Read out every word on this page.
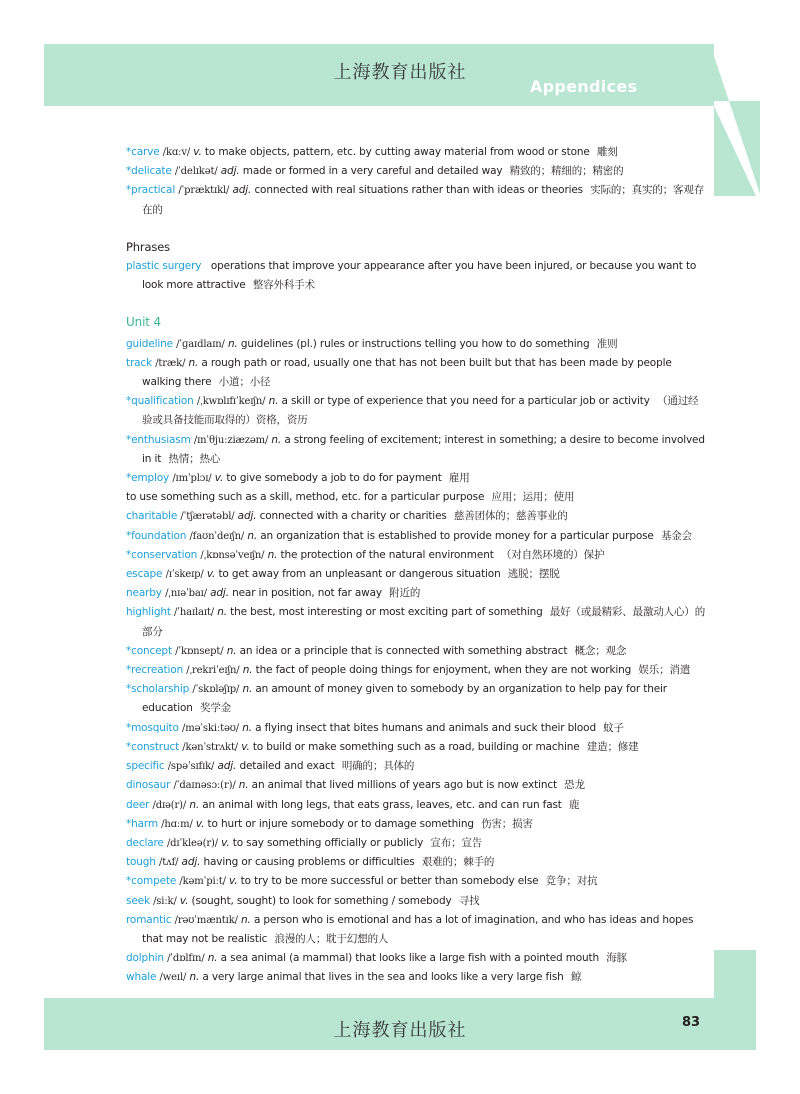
上海教育出版社
Appendices

*carve /kɑːv/ v. to make objects, pattern, etc. by cutting away material from wood or stone 雕刻

*delicate /ˈdelɪkət/ adj. made or formed in a very careful and detailed way 精致的；精细的；精密的

*practical /ˈpræktɪkl/ adj. connected with real situations rather than with ideas or theories 实际的；真实的；客观存在的

Phrases

plastic surgery operations that improve your appearance after you have been injured, or because you want to look more attractive 整容外科手术

Unit 4

guideline /ˈɡaɪdlaɪn/ n. guidelines (pl.) rules or instructions telling you how to do something 准则

track /træk/ n. a rough path or road, usually one that has not been built but that has been made by people walking there 小道；小径

*qualification /ˌkwɒlɪfɪˈkeɪʃn/ n. a skill or type of experience that you need for a particular job or activity （通过经验或具备技能而取得的）资格，资历

*enthusiasm /ɪnˈθjuːziæzəm/ n. a strong feeling of excitement; interest in something; a desire to become involved in it 热情；热心

*employ /ɪmˈplɔɪ/ v. to give somebody a job to do for payment 雇用

to use something such as a skill, method, etc. for a particular purpose 应用；运用；使用

charitable /ˈtʃærətəbl/ adj. connected with a charity or charities 慈善团体的；慈善事业的

*foundation /faʊnˈdeɪʃn/ n. an organization that is established to provide money for a particular purpose 基金会

*conservation /ˌkɒnsəˈveɪʃn/ n. the protection of the natural environment （对自然环境的）保护

escape /ɪˈskeɪp/ v. to get away from an unpleasant or dangerous situation 逃脱；摆脱

nearby /ˌnɪəˈbaɪ/ adj. near in position, not far away 附近的

highlight /ˈhaɪlaɪt/ n. the best, most interesting or most exciting part of something 最好（或最精彩、最激动人心）的部分

*concept /ˈkɒnsept/ n. an idea or a principle that is connected with something abstract 概念；观念

*recreation /ˌrekriˈeɪʃn/ n. the fact of people doing things for enjoyment, when they are not working 娱乐；消遣

*scholarship /ˈskɒləʃɪp/ n. an amount of money given to somebody by an organization to help pay for their education 奖学金

*mosquito /məˈskiːtəʊ/ n. a flying insect that bites humans and animals and suck their blood 蚊子

*construct /kənˈstrʌkt/ v. to build or make something such as a road, building or machine 建造；修建

specific /spəˈsɪfɪk/ adj. detailed and exact 明确的；具体的

dinosaur /ˈdaɪnəsɔː(r)/ n. an animal that lived millions of years ago but is now extinct 恐龙

deer /dɪə(r)/ n. an animal with long legs, that eats grass, leaves, etc. and can run fast 鹿

*harm /hɑːm/ v. to hurt or injure somebody or to damage something 伤害；损害

declare /dɪˈkleə(r)/ v. to say something officially or publicly 宣布；宣告

tough /tʌf/ adj. having or causing problems or difficulties 艰难的；棘手的

*compete /kəmˈpiːt/ v. to try to be more successful or better than somebody else 竞争；对抗

seek /siːk/ v. (sought, sought) to look for something / somebody 寻找

romantic /rəʊˈmæntɪk/ n. a person who is emotional and has a lot of imagination, and who has ideas and hopes that may not be realistic 浪漫的人；耽于幻想的人

dolphin /ˈdɒlfɪn/ n. a sea animal (a mammal) that looks like a large fish with a pointed mouth 海豚

whale /weɪl/ n. a very large animal that lives in the sea and looks like a very large fish 鲸

上海教育出版社	83
